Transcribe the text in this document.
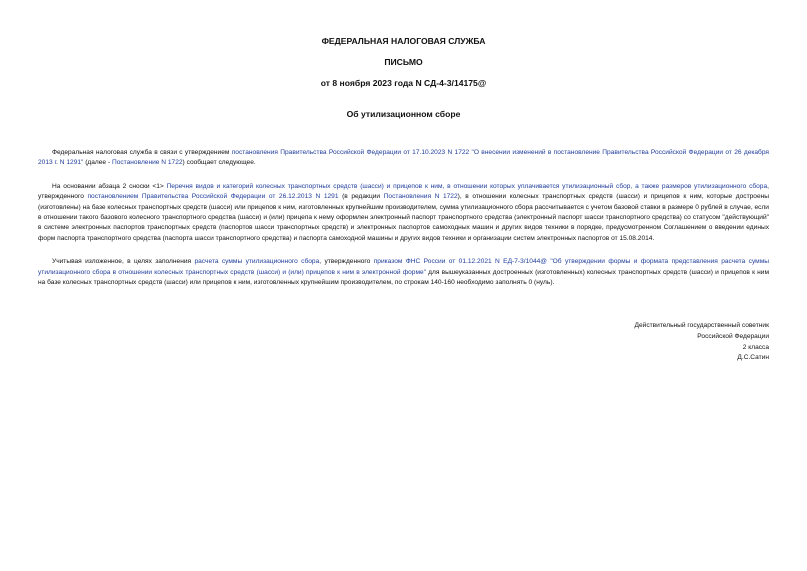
ФЕДЕРАЛЬНАЯ НАЛОГОВАЯ СЛУЖБА
ПИСЬМО
от 8 ноября 2023 года N СД-4-3/14175@
Об утилизационном сборе

Федеральная налоговая служба в связи с утверждением постановления Правительства Российской Федерации от 17.10.2023 N 1722 "О внесении изменений в постановление Правительства Российской Федерации от 26 декабря 2013 г. N 1291" (далее - Постановление N 1722) сообщает следующее.

На основании абзаца 2 сноски <1> Перечня видов и категорий колесных транспортных средств (шасси) и прицепов к ним, в отношении которых уплачивается утилизационный сбор, а также размеров утилизационного сбора, утвержденного постановлением Правительства Российской Федерации от 26.12.2013 N 1291 (в редакции Постановления N 1722), в отношении колесных транспортных средств (шасси) и прицепов к ним, которые достроены (изготовлены) на базе колесных транспортных средств (шасси) или прицепов к ним, изготовленных крупнейшим производителем, сумма утилизационного сбора рассчитывается с учетом базовой ставки в размере 0 рублей в случае, если в отношении такого базового колесного транспортного средства (шасси) и (или) прицепа к нему оформлен электронный паспорт транспортного средства (электронный паспорт шасси транспортного средства) со статусом "действующий" в системе электронных паспортов транспортных средств (паспортов шасси транспортных средств) и электронных паспортов самоходных машин и других видов техники в порядке, предусмотренном Соглашением о введении единых форм паспорта транспортного средства (паспорта шасси транспортного средства) и паспорта самоходной машины и других видов техники и организации систем электронных паспортов от 15.08.2014.

Учитывая изложенное, в целях заполнения расчета суммы утилизационного сбора, утвержденного приказом ФНС России от 01.12.2021 N ЕД-7-3/1044@ "Об утверждении формы и формата представления расчета суммы утилизационного сбора в отношении колесных транспортных средств (шасси) и (или) прицепов к ним в электронной форме" для вышеуказанных достроенных (изготовленных) колесных транспортных средств (шасси) и прицепов к ним на базе колесных транспортных средств (шасси) или прицепов к ним, изготовленных крупнейшим производителем, по строкам 140-160 необходимо заполнять 0 (нуль).

Действительный государственный советник
Российской Федерации
2 класса
Д.С.Сатин
